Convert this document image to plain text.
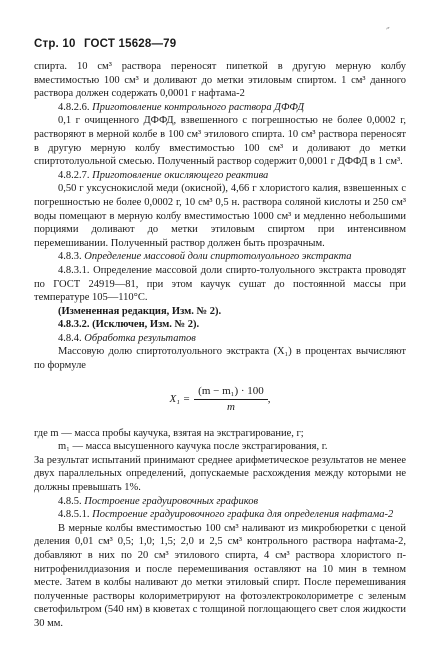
˶
Стр. 10 ГОСТ 15628—79

спирта. 10 см³ раствора переносят пипеткой в другую мерную колбу вместимостью 100 см³ и доливают до метки этиловым спиртом. 1 см³ данного раствора должен содержать 0,0001 г нафтама-2

4.8.2.6. Приготовление контрольного раствора ДФФД

0,1 г очищенного ДФФД, взвешенного с погрешностью не более 0,0002 г, растворяют в мерной колбе в 100 см³ этилового спирта. 10 см³ раствора переносят в другую мерную колбу вместимостью 100 см³ и доливают до метки спиртотолуольной смесью. Полученный раствор содержит 0,0001 г ДФФД в 1 см³.

4.8.2.7. Приготовление окисляющего реактива

0,50 г уксуснокислой меди (окисной), 4,66 г хлористого калия, взвешенных с погрешностью не более 0,0002 г, 10 см³ 0,5 н. раствора соляной кислоты и 250 см³ воды помещают в мерную колбу вместимостью 1000 см³ и медленно небольшими порциями доливают до метки этиловым спиртом при интенсивном перемешивании. Полученный раствор должен быть прозрачным.

4.8.3. Определение массовой доли спиртотолуольного экстракта

4.8.3.1. Определение массовой доли спирто-толуольного экстракта проводят по ГОСТ 24919—81, при этом каучук сушат до постоянной массы при температуре 105—110°С.

(Измененная редакция, Изм. № 2).

4.8.3.2. (Исключен, Изм. № 2).

4.8.4. Обработка результатов

Массовую долю спиртотолуольного экстракта (X₁) в процентах вычисляют по формуле

$X_1 = \frac{\text{(m − m₁) · 100}}{m}$ ,

где m — масса пробы каучука, взятая на экстрагирование, г;

m₁ — масса высушенного каучука после экстрагирования, г.

За результат испытаний принимают среднее арифметическое результатов не менее двух параллельных определений, допускаемые расхождения между которыми не должны превышать 1%.

4.8.5. Построение градуировочных графиков

4.8.5.1. Построение градуировочного графика для определения нафтама-2

В мерные колбы вместимостью 100 см³ наливают из микробюретки с ценой деления 0,01 см³ 0,5; 1,0; 1,5; 2,0 и 2,5 см³ контрольного раствора нафтама-2, добавляют в них по 20 см³ этилового спирта, 4 см³ раствора хлористого п-нитрофенилдиазония и после перемешивания оставляют на 10 мин в темном месте. Затем в колбы наливают до метки этиловый спирт. После перемешивания полученные растворы колориметрируют на фотоэлектроколориметре с зеленым светофильтром (540 нм) в кюветах с толщиной поглощающего свет слоя жидкости 30 мм.
